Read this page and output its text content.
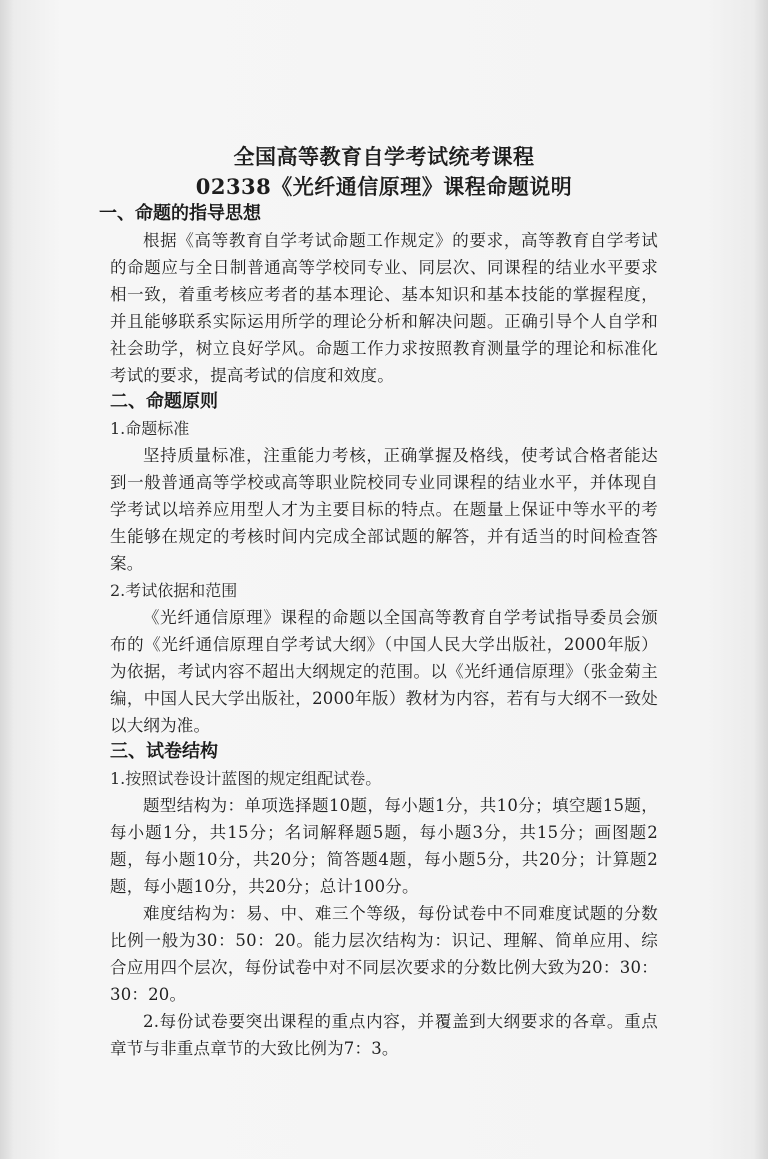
全国高等教育自学考试统考课程
02338《光纤通信原理》课程命题说明
一、命题的指导思想

根据《高等教育自学考试命题工作规定》的要求，高等教育自学考试的命题应与全日制普通高等学校同专业、同层次、同课程的结业水平要求相一致，着重考核应考者的基本理论、基本知识和基本技能的掌握程度，并且能够联系实际运用所学的理论分析和解决问题。正确引导个人自学和社会助学，树立良好学风。命题工作力求按照教育测量学的理论和标准化考试的要求，提高考试的信度和效度。

二、命题原则
1.命题标准

坚持质量标准，注重能力考核，正确掌握及格线，使考试合格者能达到一般普通高等学校或高等职业院校同专业同课程的结业水平，并体现自学考试以培养应用型人才为主要目标的特点。在题量上保证中等水平的考生能够在规定的考核时间内完成全部试题的解答，并有适当的时间检查答案。

2.考试依据和范围

《光纤通信原理》课程的命题以全国高等教育自学考试指导委员会颁布的《光纤通信原理自学考试大纲》（中国人民大学出版社，2000年版）为依据，考试内容不超出大纲规定的范围。以《光纤通信原理》（张金菊主编，中国人民大学出版社，2000年版）教材为内容，若有与大纲不一致处以大纲为准。

三、试卷结构
1.按照试卷设计蓝图的规定组配试卷。

题型结构为：单项选择题10题，每小题1分，共10分；填空题15题，每小题1分，共15分；名词解释题5题，每小题3分，共15分；画图题2题，每小题10分，共20分；简答题4题，每小题5分，共20分；计算题2题，每小题10分，共20分；总计100分。

难度结构为：易、中、难三个等级，每份试卷中不同难度试题的分数比例一般为30：50：20。能力层次结构为：识记、理解、简单应用、综合应用四个层次，每份试卷中对不同层次要求的分数比例大致为20：30：30：20。

2.每份试卷要突出课程的重点内容，并覆盖到大纲要求的各章。重点章节与非重点章节的大致比例为7：3。
